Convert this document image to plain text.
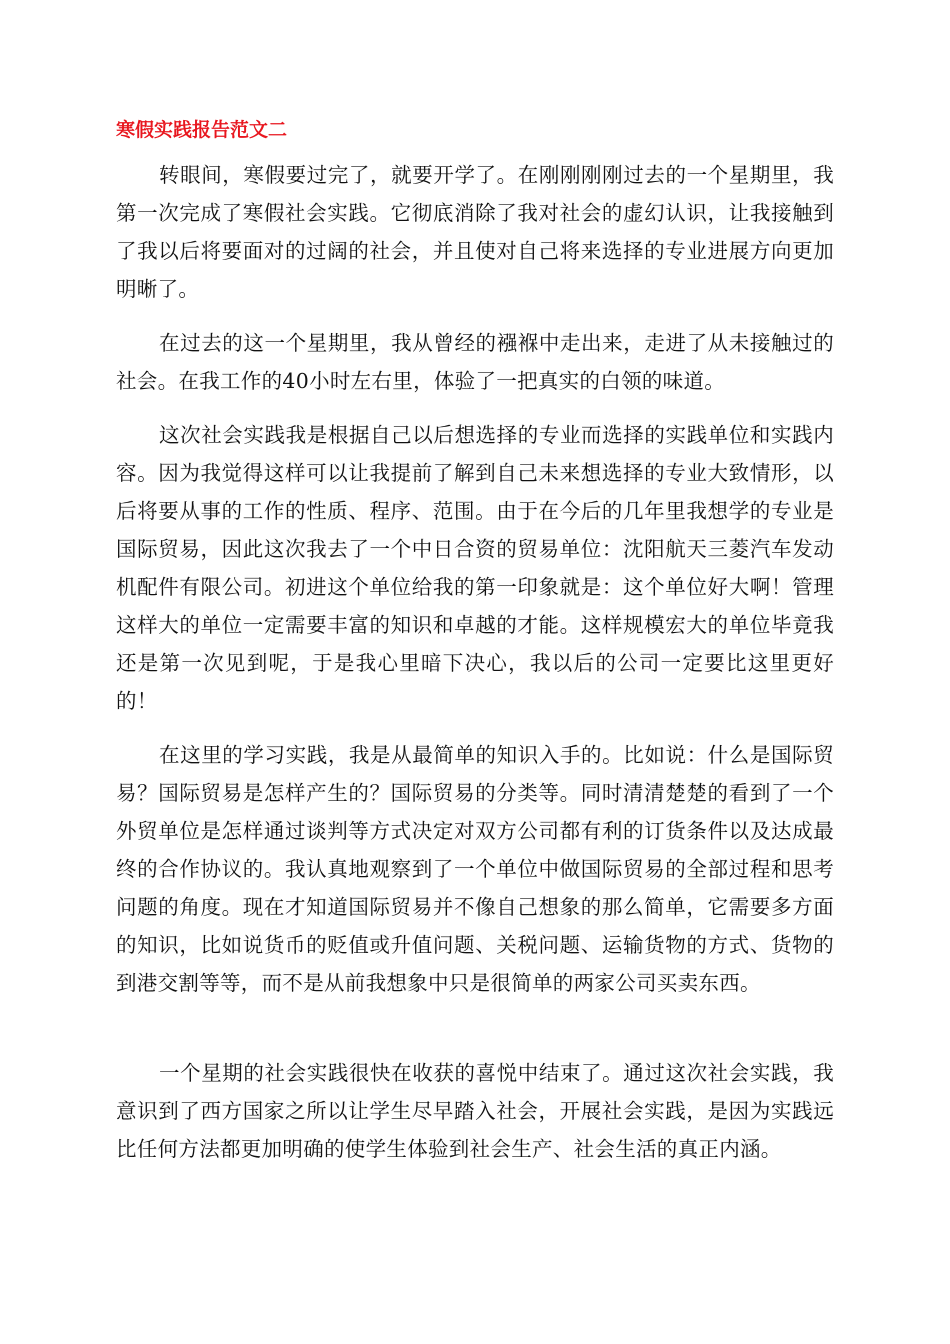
寒假实践报告范文二

转眼间，寒假要过完了，就要开学了。在刚刚刚刚过去的一个星期里，我第一次完成了寒假社会实践。它彻底消除了我对社会的虚幻认识，让我接触到了我以后将要面对的过阔的社会，并且使对自己将来选择的专业进展方向更加明晰了。

在过去的这一个星期里，我从曾经的襁褓中走出来，走进了从未接触过的社会。在我工作的40小时左右里，体验了一把真实的白领的味道。

这次社会实践我是根据自己以后想选择的专业而选择的实践单位和实践内容。因为我觉得这样可以让我提前了解到自己未来想选择的专业大致情形，以后将要从事的工作的性质、程序、范围。由于在今后的几年里我想学的专业是国际贸易，因此这次我去了一个中日合资的贸易单位：沈阳航天三菱汽车发动机配件有限公司。初进这个单位给我的第一印象就是：这个单位好大啊！管理这样大的单位一定需要丰富的知识和卓越的才能。这样规模宏大的单位毕竟我还是第一次见到呢，于是我心里暗下决心，我以后的公司一定要比这里更好的！

在这里的学习实践，我是从最简单的知识入手的。比如说：什么是国际贸易？国际贸易是怎样产生的？国际贸易的分类等。同时清清楚楚的看到了一个外贸单位是怎样通过谈判等方式决定对双方公司都有利的订货条件以及达成最终的合作协议的。我认真地观察到了一个单位中做国际贸易的全部过程和思考问题的角度。现在才知道国际贸易并不像自己想象的那么简单，它需要多方面的知识，比如说货币的贬值或升值问题、关税问题、运输货物的方式、货物的到港交割等等，而不是从前我想象中只是很简单的两家公司买卖东西。

一个星期的社会实践很快在收获的喜悦中结束了。通过这次社会实践，我意识到了西方国家之所以让学生尽早踏入社会，开展社会实践，是因为实践远比任何方法都更加明确的使学生体验到社会生产、社会生活的真正内涵。
